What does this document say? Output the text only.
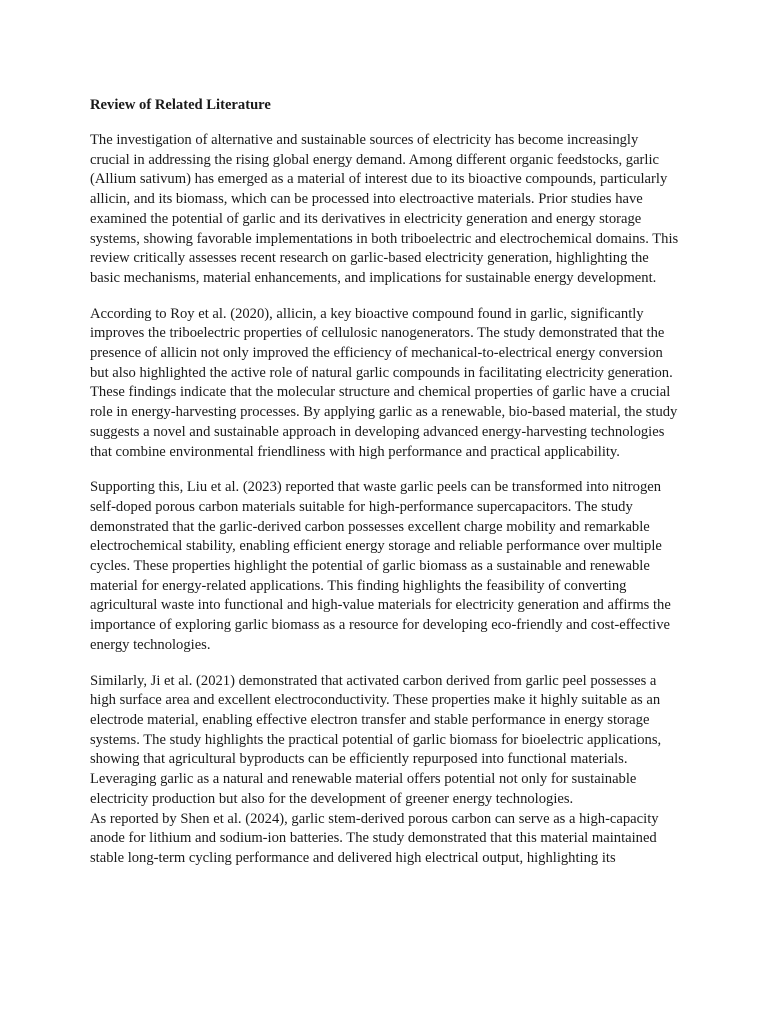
Review of Related Literature

The investigation of alternative and sustainable sources of electricity has become increasingly crucial in addressing the rising global energy demand. Among different organic feedstocks, garlic (Allium sativum) has emerged as a material of interest due to its bioactive compounds, particularly allicin, and its biomass, which can be processed into electroactive materials. Prior studies have examined the potential of garlic and its derivatives in electricity generation and energy storage systems, showing favorable implementations in both triboelectric and electrochemical domains. This review critically assesses recent research on garlic-based electricity generation, highlighting the basic mechanisms, material enhancements, and implications for sustainable energy development.

According to Roy et al. (2020), allicin, a key bioactive compound found in garlic, significantly improves the triboelectric properties of cellulosic nanogenerators. The study demonstrated that the presence of allicin not only improved the efficiency of mechanical-to-electrical energy conversion but also highlighted the active role of natural garlic compounds in facilitating electricity generation. These findings indicate that the molecular structure and chemical properties of garlic have a crucial role in energy-harvesting processes. By applying garlic as a renewable, bio-based material, the study suggests a novel and sustainable approach in developing advanced energy-harvesting technologies that combine environmental friendliness with high performance and practical applicability.

Supporting this, Liu et al. (2023) reported that waste garlic peels can be transformed into nitrogen self-doped porous carbon materials suitable for high-performance supercapacitors. The study demonstrated that the garlic-derived carbon possesses excellent charge mobility and remarkable electrochemical stability, enabling efficient energy storage and reliable performance over multiple cycles. These properties highlight the potential of garlic biomass as a sustainable and renewable material for energy-related applications. This finding highlights the feasibility of converting agricultural waste into functional and high-value materials for electricity generation and affirms the importance of exploring garlic biomass as a resource for developing eco-friendly and cost-effective energy technologies.

Similarly, Ji et al. (2021) demonstrated that activated carbon derived from garlic peel possesses a high surface area and excellent electroconductivity. These properties make it highly suitable as an electrode material, enabling effective electron transfer and stable performance in energy storage systems. The study highlights the practical potential of garlic biomass for bioelectric applications, showing that agricultural byproducts can be efficiently repurposed into functional materials. Leveraging garlic as a natural and renewable material offers potential not only for sustainable electricity production but also for the development of greener energy technologies.

As reported by Shen et al. (2024), garlic stem-derived porous carbon can serve as a high-capacity anode for lithium and sodium-ion batteries. The study demonstrated that this material maintained stable long-term cycling performance and delivered high electrical output, highlighting its
